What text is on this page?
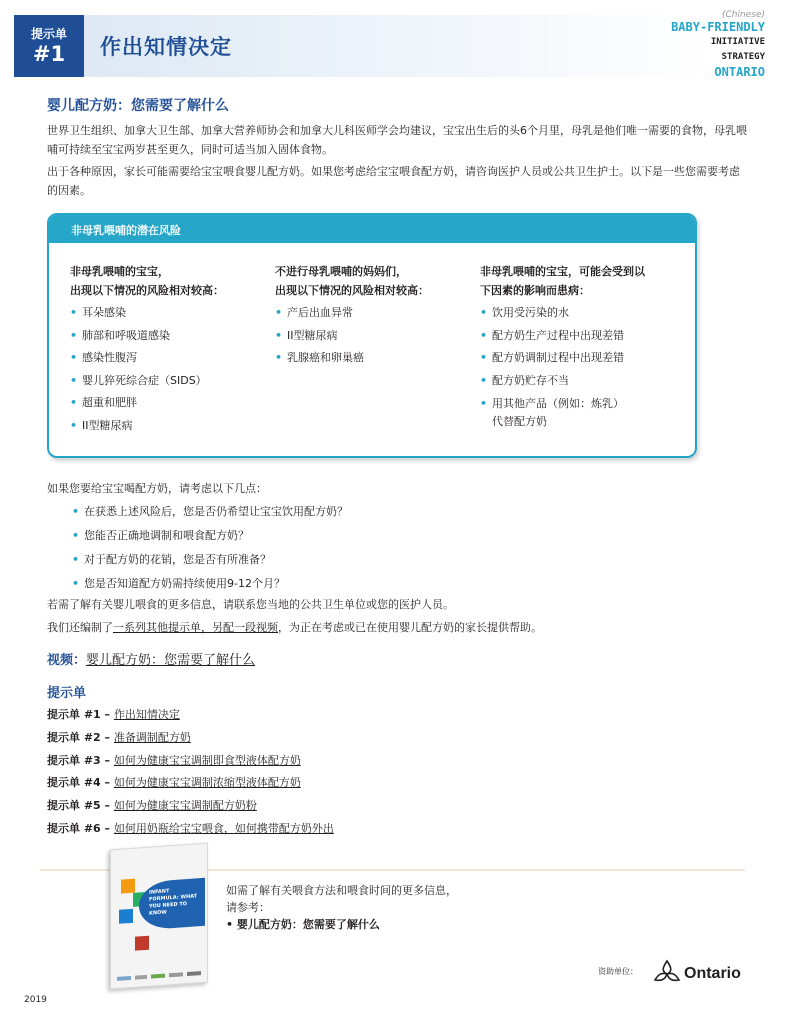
提示单
#1	作出知情决定
(Chinese)
BABY-FRIENDLY
INITIATIVE STRATEGY
ONTARIO
婴儿配方奶：您需要了解什么
世界卫生组织、加拿大卫生部、加拿大营养师协会和加拿大儿科医师学会均建议，宝宝出生后的头6个月里，母乳是他们唯一需要的食物，母乳喂哺可持续至宝宝两岁甚至更久，同时可适当加入固体食物。
出于各种原因，家长可能需要给宝宝喂食婴儿配方奶。如果您考虑给宝宝喂食配方奶，请咨询医护人员或公共卫生护士。以下是一些您需要考虑的因素。
非母乳喂哺的潜在风险
非母乳喂哺的宝宝，
出现以下情况的风险相对较高：
• 耳朵感染
• 肺部和呼吸道感染
• 感染性腹泻
• 婴儿猝死综合症（SIDS）
• 超重和肥胖
• II型糖尿病
不进行母乳喂哺的妈妈们，
出现以下情况的风险相对较高：
• 产后出血异常
• II型糖尿病
• 乳腺癌和卵巢癌
非母乳喂哺的宝宝，可能会受到以
下因素的影响而患病：
• 饮用受污染的水
• 配方奶生产过程中出现差错
• 配方奶调制过程中出现差错
• 配方奶贮存不当
• 用其他产品（例如：炼乳）
代替配方奶
如果您要给宝宝喝配方奶，请考虑以下几点：
• 在获悉上述风险后，您是否仍希望让宝宝饮用配方奶？
• 您能否正确地调制和喂食配方奶？
• 对于配方奶的花销，您是否有所准备？
• 您是否知道配方奶需持续使用9-12个月？
若需了解有关婴儿喂食的更多信息，请联系您当地的公共卫生单位或您的医护人员。
我们还编制了一系列其他提示单，另配一段视频，为正在考虑或已在使用婴儿配方奶的家长提供帮助。
视频：婴儿配方奶：您需要了解什么
提示单
提示单 #1 – 作出知情决定
提示单 #2 – 准备调制配方奶
提示单 #3 – 如何为健康宝宝调制即食型液体配方奶
提示单 #4 – 如何为健康宝宝调制浓缩型液体配方奶
提示单 #5 – 如何为健康宝宝调制配方奶粉
提示单 #6 – 如何用奶瓶给宝宝喂食，如何携带配方奶外出
INFANT FORMULA: WHAT YOU NEED TO KNOW
如需了解有关喂食方法和喂食时间的更多信息，
请参考：
• 婴儿配方奶：您需要了解什么
资助单位：	Ontario
2019
